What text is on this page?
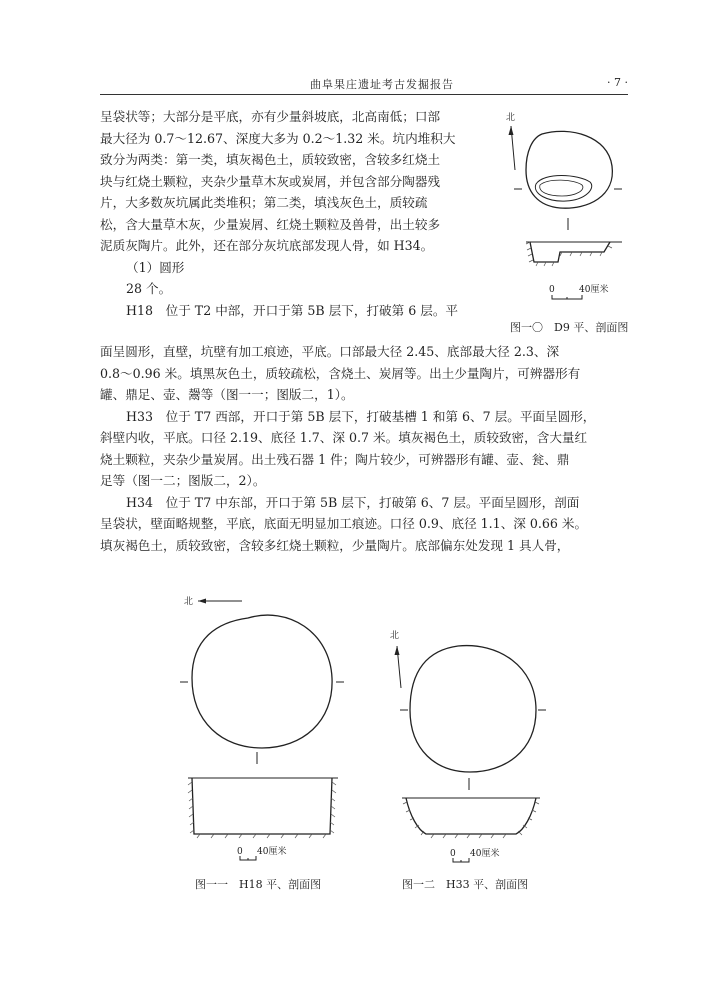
曲阜果庄遗址考古发掘报告	· 7 ·
呈袋状等；大部分是平底，亦有少量斜坡底，北高南低；口部
最大径为 0.7～12.67、深度大多为 0.2～1.32 米。坑内堆积大
致分为两类：第一类，填灰褐色土，质较致密，含较多红烧土
块与红烧土颗粒，夹杂少量草木灰或炭屑，并包含部分陶器残
片，大多数灰坑属此类堆积；第二类，填浅灰色土，质较疏
松，含大量草木灰，少量炭屑、红烧土颗粒及兽骨，出土较多
泥质灰陶片。此外，还在部分灰坑底部发现人骨，如 H34。
（1）圆形
28 个。
H18　位于 T2 中部，开口于第 5B 层下，打破第 6 层。平
面呈圆形，直壁，坑壁有加工痕迹，平底。口部最大径 2.45、底部最大径 2.3、深
0.8～0.96 米。填黑灰色土，质较疏松，含烧土、炭屑等。出土少量陶片，可辨器形有
罐、鼎足、壶、鬶等（图一一；图版二，1）。
H33　位于 T7 西部，开口于第 5B 层下，打破基槽 1 和第 6、7 层。平面呈圆形，
斜壁内收，平底。口径 2.19、底径 1.7、深 0.7 米。填灰褐色土，质较致密，含大量红
烧土颗粒，夹杂少量炭屑。出土残石器 1 件；陶片较少，可辨器形有罐、壶、瓮、鼎
足等（图一二；图版二，2）。
H34　位于 T7 中东部，开口于第 5B 层下，打破第 6、7 层。平面呈圆形，剖面
呈袋状，壁面略规整，平底，底面无明显加工痕迹。口径 0.9、底径 1.1、深 0.66 米。
填灰褐色土，质较致密，含较多红烧土颗粒，少量陶片。底部偏东处发现 1 具人骨，
北
0	40厘米
图一〇　D9 平、剖面图
北
0 40厘米
图一一　H18 平、剖面图
北
0 40厘米
图一二　H33 平、剖面图
